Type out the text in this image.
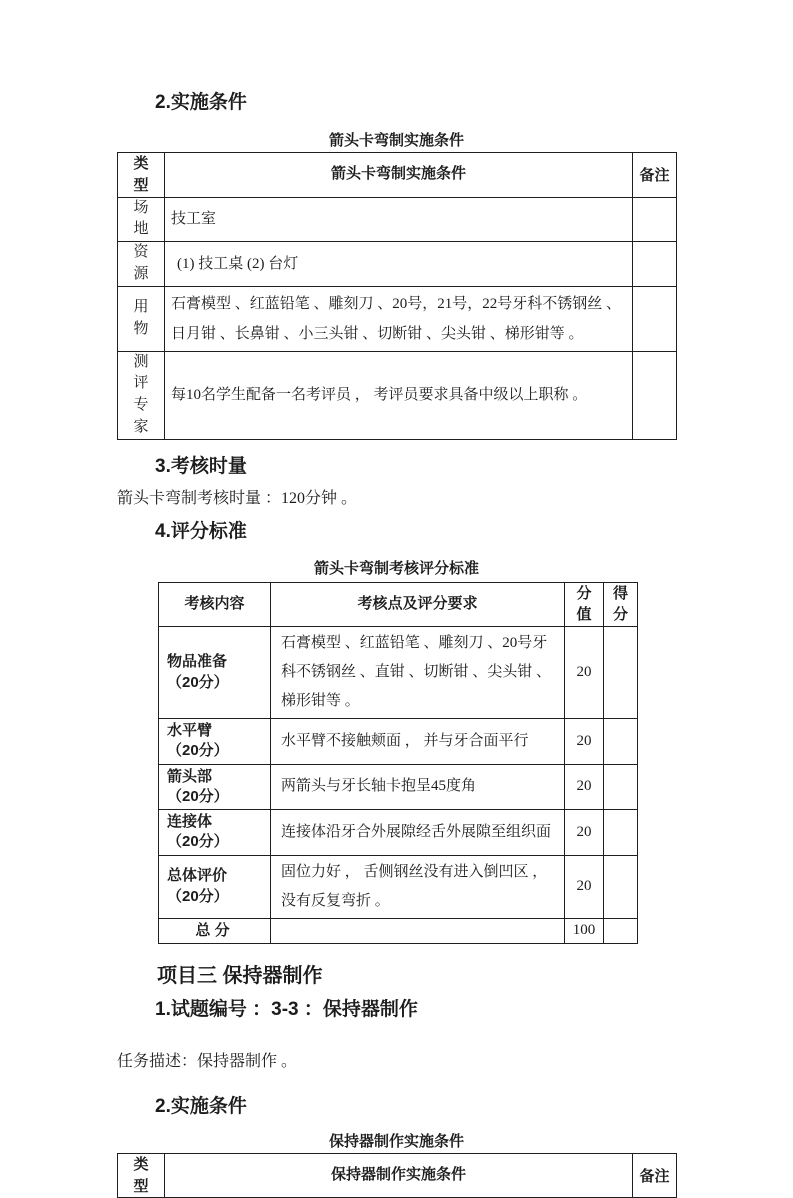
2.实施条件
箭头卡弯制实施条件
类型	箭头卡弯制实施条件	备注
场地	技工室	
资源	(1) 技工桌 (2) 台灯	
用物	石膏模型 、红蓝铅笔 、雕刻刀 、20号，21号，22号牙科不锈钢丝 、日月钳 、长鼻钳 、小三头钳 、切断钳 、尖头钳 、梯形钳等 。	
测评专家	每10名学生配备一名考评员 ， 考评员要求具备中级以上职称 。	
3.考核时量

箭头卡弯制考核时量 ：120分钟 。

4.评分标准
箭头卡弯制考核评分标准
考核内容	考核点及评分要求	分值	得分

物品准备
（20分）	石膏模型 、红蓝铅笔 、雕刻刀 、20号牙科不锈钢丝 、直钳 、切断钳 、尖头钳 、梯形钳等 。	20	

水平臂
（20分）	水平臂不接触颊面 ， 并与牙合面平行	20	

箭头部
（20分）	两箭头与牙长轴卡抱呈45度角	20	

连接体
（20分）	连接体沿牙合外展隙经舌外展隙至组织面	20	

总体评价
（20分）	固位力好 ， 舌侧钢丝没有进入倒凹区 ， 没有反复弯折 。	20	
总 分		100	
项目三 保持器制作
1.试题编号 ：3-3 ：保持器制作

任务描述：保持器制作 。

2.实施条件
保持器制作实施条件
类型	保持器制作实施条件	备注
